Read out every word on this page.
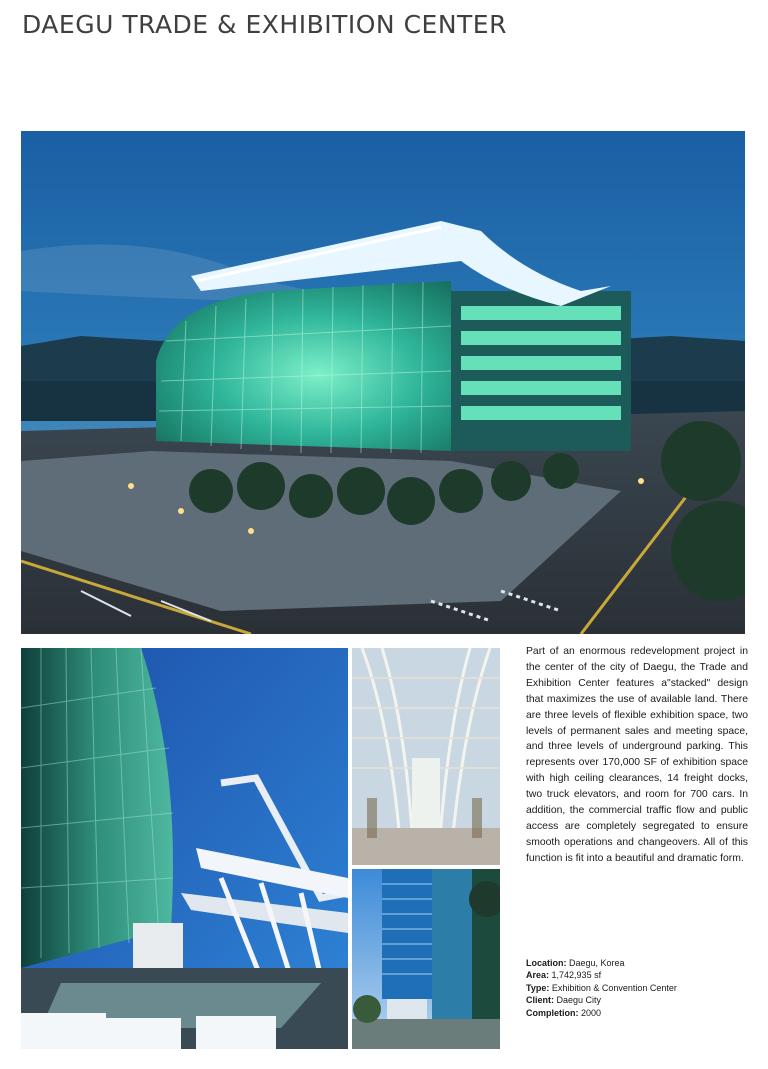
DAEGU TRADE & EXHIBITION CENTER

Part of an enormous redevelopment project in the center of the city of Daegu, the Trade and Exhibition Center features a"stacked" design that maximizes the use of available land. There are three levels of flexible exhibition space, two levels of permanent sales and meeting space, and three levels of underground parking. This represents over 170,000 SF of exhibition space with high ceiling clearances, 14 freight docks, two truck elevators, and room for 700 cars. In addition, the commercial traffic flow and public access are completely segregated to ensure smooth operations and changeovers. All of this function is fit into a beautiful and dramatic form.

Location: Daegu, Korea
Area: 1,742,935 sf
Type: Exhibition & Convention Center
Client: Daegu City
Completion: 2000
